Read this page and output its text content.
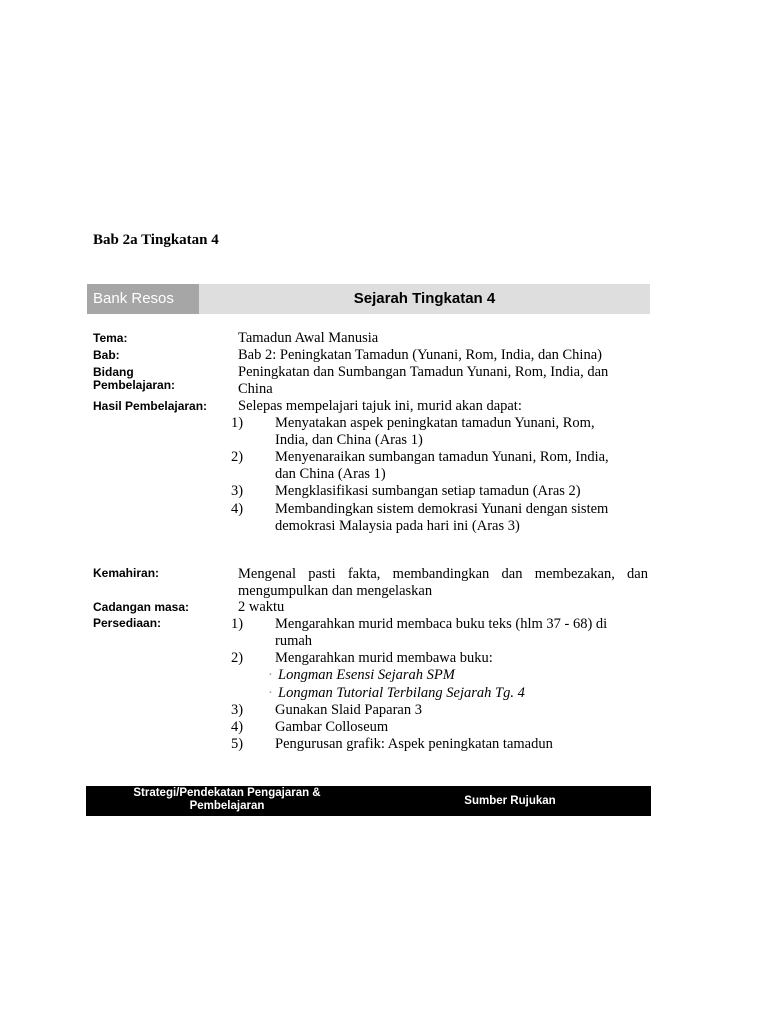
Bab 2a Tingkatan 4
Bank Resos	Sejarah Tingkatan 4
Tema:	Tamadun Awal Manusia
Bab:	Bab 2: Peningkatan Tamadun (Yunani, Rom, India, dan China)
Bidang
Pembelajaran:
Peningkatan dan Sumbangan Tamadun Yunani, Rom, India, dan
China
Hasil Pembelajaran: Selepas mempelajari tajuk ini, murid akan dapat:
1) Menyatakan aspek peningkatan tamadun Yunani, Rom,
India, dan China (Aras 1)
2) Menyenaraikan sumbangan tamadun Yunani, Rom, India,
dan China (Aras 1)
3) Mengklasifikasi sumbangan setiap tamadun (Aras 2)
4) Membandingkan sistem demokrasi Yunani dengan sistem
demokrasi Malaysia pada hari ini (Aras 3)
Kemahiran:	Mengenal pasti fakta, membandingkan dan membezakan, dan
mengumpulkan dan mengelaskan
Cadangan masa:	2 waktu
Persediaan:	1) Mengarahkan murid membaca buku teks (hlm 37 - 68) di
rumah
2) Mengarahkan murid membawa buku:
· Longman Esensi Sejarah SPM
· Longman Tutorial Terbilang Sejarah Tg. 4
3) Gunakan Slaid Paparan 3
4) Gambar Colloseum
5) Pengurusan grafik: Aspek peningkatan tamadun
Strategi/Pendekatan Pengajaran &
Pembelajaran	Sumber Rujukan
